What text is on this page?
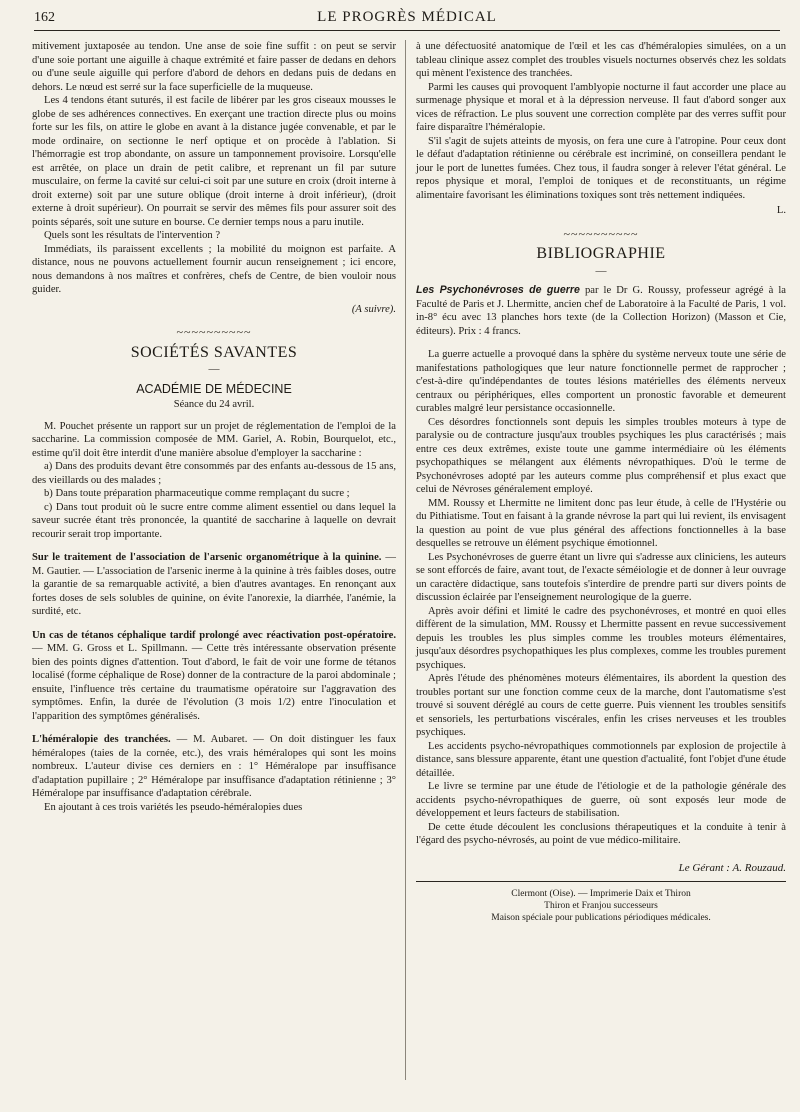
162	LE PROGRÈS MÉDICAL

mitivement juxtaposée au tendon. Une anse de soie fine suffit : on peut se servir d'une soie portant une aiguille à chaque extrémité et faire passer de dedans en dehors ou d'une seule aiguille qui perfore d'abord de dehors en dedans puis de dedans en dehors. Le nœud est serré sur la face superficielle de la muqueuse.

Les 4 tendons étant suturés, il est facile de libérer par les gros ciseaux mousses le globe de ses adhérences connectives. En exerçant une traction directe plus ou moins forte sur les fils, on attire le globe en avant à la distance jugée convenable, et par le mode ordinaire, on sectionne le nerf optique et on procède à l'ablation. Si l'hémorragie est trop abondante, on assure un tamponnement provisoire. Lorsqu'elle est arrêtée, on place un drain de petit calibre, et reprenant un fil par suture musculaire, on ferme la cavité sur celui-ci soit par une suture en croix (droit interne à droit externe) soit par une suture oblique (droit interne à droit inférieur), (droit externe à droit supérieur). On pourrait se servir des mêmes fils pour assurer soit des points séparés, soit une suture en bourse. Ce dernier temps nous a paru inutile.

Quels sont les résultats de l'intervention ?

Immédiats, ils paraissent excellents ; la mobilité du moignon est parfaite. A distance, nous ne pouvons actuellement fournir aucun renseignement ; ici encore, nous demandons à nos maîtres et confrères, chefs de Centre, de bien vouloir nous guider.

(A suivre).
~~~~~~~~~~
SOCIÉTÉS SAVANTES
—
ACADÉMIE DE MÉDECINE
Séance du 24 avril.

M. Pouchet présente un rapport sur un projet de réglementation de l'emploi de la saccharine. La commission composée de MM. Gariel, A. Robin, Bourquelot, etc., estime qu'il doit être interdit d'une manière absolue d'employer la saccharine :

a) Dans des produits devant être consommés par des enfants au-dessous de 15 ans, des vieillards ou des malades ;

b) Dans toute préparation pharmaceutique comme remplaçant du sucre ;

c) Dans tout produit où le sucre entre comme aliment essentiel ou dans lequel la saveur sucrée étant très prononcée, la quantité de saccharine à laquelle on devrait recourir serait trop importante.

Sur le traitement de l'association de l'arsenic organométrique à la quinine. — M. Gautier. — L'association de l'arsenic inerme à la quinine à très faibles doses, outre la garantie de sa remarquable activité, a bien d'autres avantages. En renonçant aux fortes doses de sels solubles de quinine, on évite l'anorexie, la diarrhée, l'anémie, la surdité, etc.

Un cas de tétanos céphalique tardif prolongé avec réactivation post-opératoire. — MM. G. Gross et L. Spillmann. — Cette très intéressante observation présente bien des points dignes d'attention. Tout d'abord, le fait de voir une forme de tétanos localisé (forme céphalique de Rose) donner de la contracture de la paroi abdominale ; ensuite, l'influence très certaine du traumatisme opératoire sur l'aggravation des symptômes. Enfin, la durée de l'évolution (3 mois 1/2) entre l'inoculation et l'apparition des symptômes généralisés.

L'héméralopie des tranchées. — M. Aubaret. — On doit distinguer les faux héméralopes (taies de la cornée, etc.), des vrais héméralopes qui sont les moins nombreux. L'auteur divise ces derniers en : 1° Héméralope par insuffisance d'adaptation pupillaire ; 2° Héméralope par insuffisance d'adaptation rétinienne ; 3° Héméralope par insuffisance d'adaptation cérébrale.

En ajoutant à ces trois variétés les pseudo-héméralopies dues

à une défectuosité anatomique de l'œil et les cas d'héméralopies simulées, on a un tableau clinique assez complet des troubles visuels nocturnes observés chez les soldats qui mènent l'existence des tranchées.

Parmi les causes qui provoquent l'amblyopie nocturne il faut accorder une place au surmenage physique et moral et à la dépression nerveuse. Il faut d'abord songer aux vices de réfraction. Le plus souvent une correction complète par des verres suffit pour faire disparaître l'héméralopie.

S'il s'agit de sujets atteints de myosis, on fera une cure à l'atropine. Pour ceux dont le défaut d'adaptation rétinienne ou cérébrale est incriminé, on conseillera pendant le jour le port de lunettes fumées. Chez tous, il faudra songer à relever l'état général. Le repos physique et moral, l'emploi de toniques et de reconstituants, un régime alimentaire favorisant les éliminations toxiques sont très nettement indiquées.

L.
~~~~~~~~~~
BIBLIOGRAPHIE
—

Les Psychonévroses de guerre par le Dr G. Roussy, professeur agrégé à la Faculté de Paris et J. Lhermitte, ancien chef de Laboratoire à la Faculté de Paris, 1 vol. in-8° écu avec 13 planches hors texte (de la Collection Horizon) (Masson et Cie, éditeurs). Prix : 4 francs.

La guerre actuelle a provoqué dans la sphère du système nerveux toute une série de manifestations pathologiques que leur nature fonctionnelle permet de rapprocher ; c'est-à-dire qu'indépendantes de toutes lésions matérielles des éléments nerveux centraux ou périphériques, elles comportent un pronostic favorable et demeurent curables malgré leur persistance occasionnelle.

Ces désordres fonctionnels sont depuis les simples troubles moteurs à type de paralysie ou de contracture jusqu'aux troubles psychiques les plus caractérisés ; mais entre ces deux extrêmes, existe toute une gamme intermédiaire où les éléments psychopathiques se mélangent aux éléments névropathiques. D'où le terme de Psychonévroses adopté par les auteurs comme plus compréhensif et plus exact que celui de Névroses généralement employé.

MM. Roussy et Lhermitte ne limitent donc pas leur étude, à celle de l'Hystérie ou du Pithiatisme. Tout en faisant à la grande névrose la part qui lui revient, ils envisagent la question au point de vue plus général des affections fonctionnelles à la base desquelles se retrouve un élément psychique émotionnel.

Les Psychonévroses de guerre étant un livre qui s'adresse aux cliniciens, les auteurs se sont efforcés de faire, avant tout, de l'exacte séméiologie et de donner à leur ouvrage un caractère didactique, sans toutefois s'interdire de prendre parti sur divers points de discussion éclairée par l'enseignement neurologique de la guerre.

Après avoir défini et limité le cadre des psychonévroses, et montré en quoi elles diffèrent de la simulation, MM. Roussy et Lhermitte passent en revue successivement depuis les troubles les plus simples comme les troubles moteurs élémentaires, jusqu'aux désordres psychopathiques les plus complexes, comme les troubles purement psychiques.

Après l'étude des phénomènes moteurs élémentaires, ils abordent la question des troubles portant sur une fonction comme ceux de la marche, dont l'automatisme s'est trouvé si souvent déréglé au cours de cette guerre. Puis viennent les troubles sensitifs et sensoriels, les perturbations viscérales, enfin les crises nerveuses et les troubles psychiques.

Les accidents psycho-névropathiques commotionnels par explosion de projectile à distance, sans blessure apparente, étant une question d'actualité, font l'objet d'une étude détaillée.

Le livre se termine par une étude de l'étiologie et de la pathologie générale des accidents psycho-névropathiques de guerre, où sont exposés leur mode de développement et leurs facteurs de stabilisation.

De cette étude découlent les conclusions thérapeutiques et la conduite à tenir à l'égard des psycho-névrosés, au point de vue médico-militaire.

Le Gérant : A. Rouzaud.
Clermont (Oise). — Imprimerie Daix et Thiron
Thiron et Franjou successeurs
Maison spéciale pour publications périodiques médicales.
